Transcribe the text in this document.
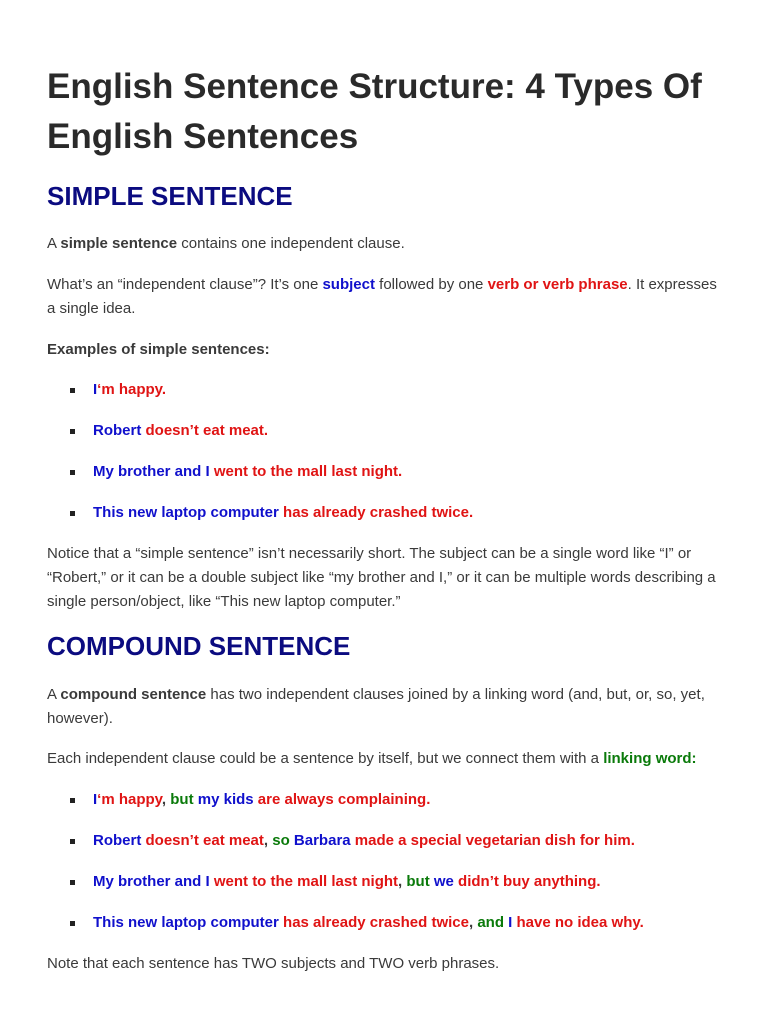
English Sentence Structure: 4 Types Of English Sentences
SIMPLE SENTENCE

A simple sentence contains one independent clause.

What’s an “independent clause”? It’s one subject followed by one verb or verb phrase. It expresses a single idea.

Examples of simple sentences:

I‘m happy.
Robert doesn’t eat meat.
My brother and I went to the mall last night.
This new laptop computer has already crashed twice.

Notice that a “simple sentence” isn’t necessarily short. The subject can be a single word like “I” or “Robert,” or it can be a double subject like “my brother and I,” or it can be multiple words describing a single person/object, like “This new laptop computer.”

COMPOUND SENTENCE

A compound sentence has two independent clauses joined by a linking word (and, but, or, so, yet, however).

Each independent clause could be a sentence by itself, but we connect them with a linking word:

I‘m happy, but my kids are always complaining.
Robert doesn’t eat meat, so Barbara made a special vegetarian dish for him.
My brother and I went to the mall last night, but we didn’t buy anything.
This new laptop computer has already crashed twice, and I have no idea why.

Note that each sentence has TWO subjects and TWO verb phrases.
